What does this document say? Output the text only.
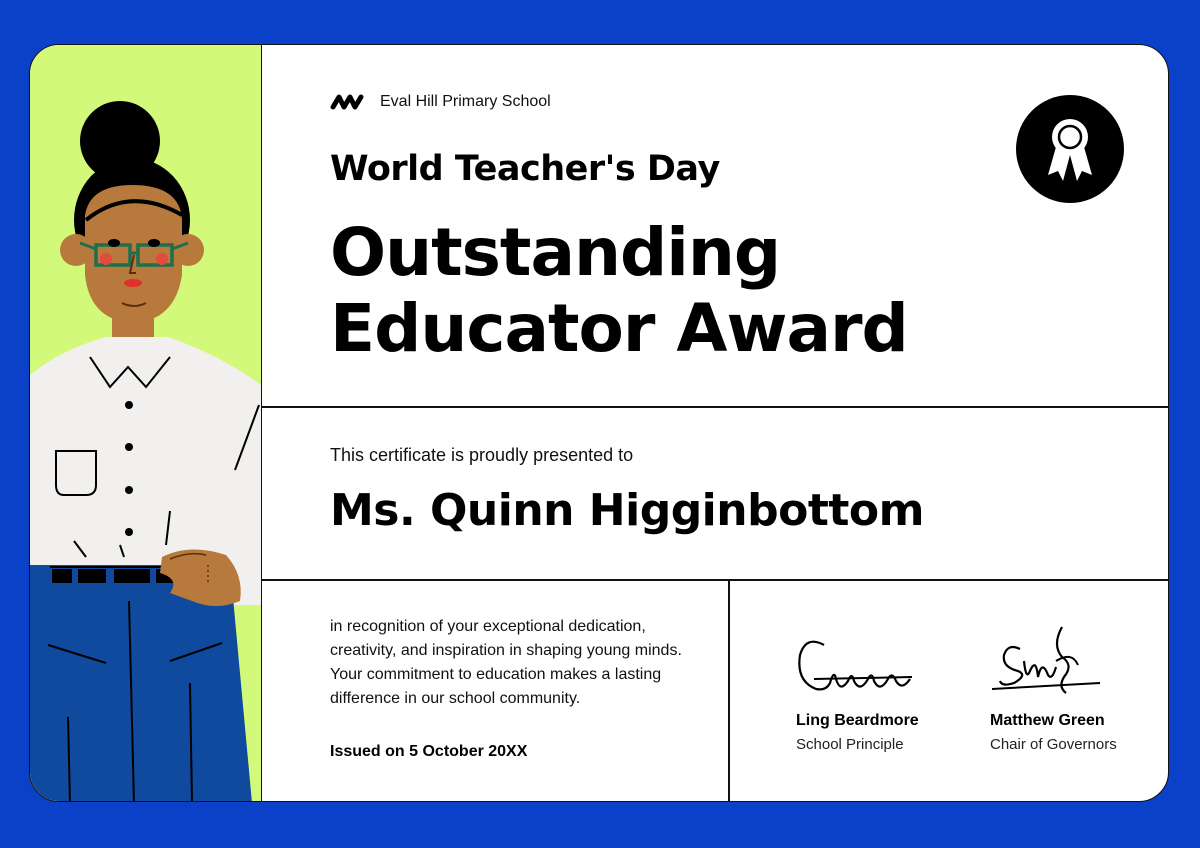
Eval Hill Primary School
World Teacher's Day
Outstanding
Educator Award
This certificate is proudly presented to
Ms. Quinn Higginbottom
in recognition of your exceptional dedication, creativity, and inspiration in shaping young minds. Your commitment to education makes a lasting difference in our school community.
Issued on 5 October 20XX
Ling Beardmore
School Principle
Matthew Green
Chair of Governors
